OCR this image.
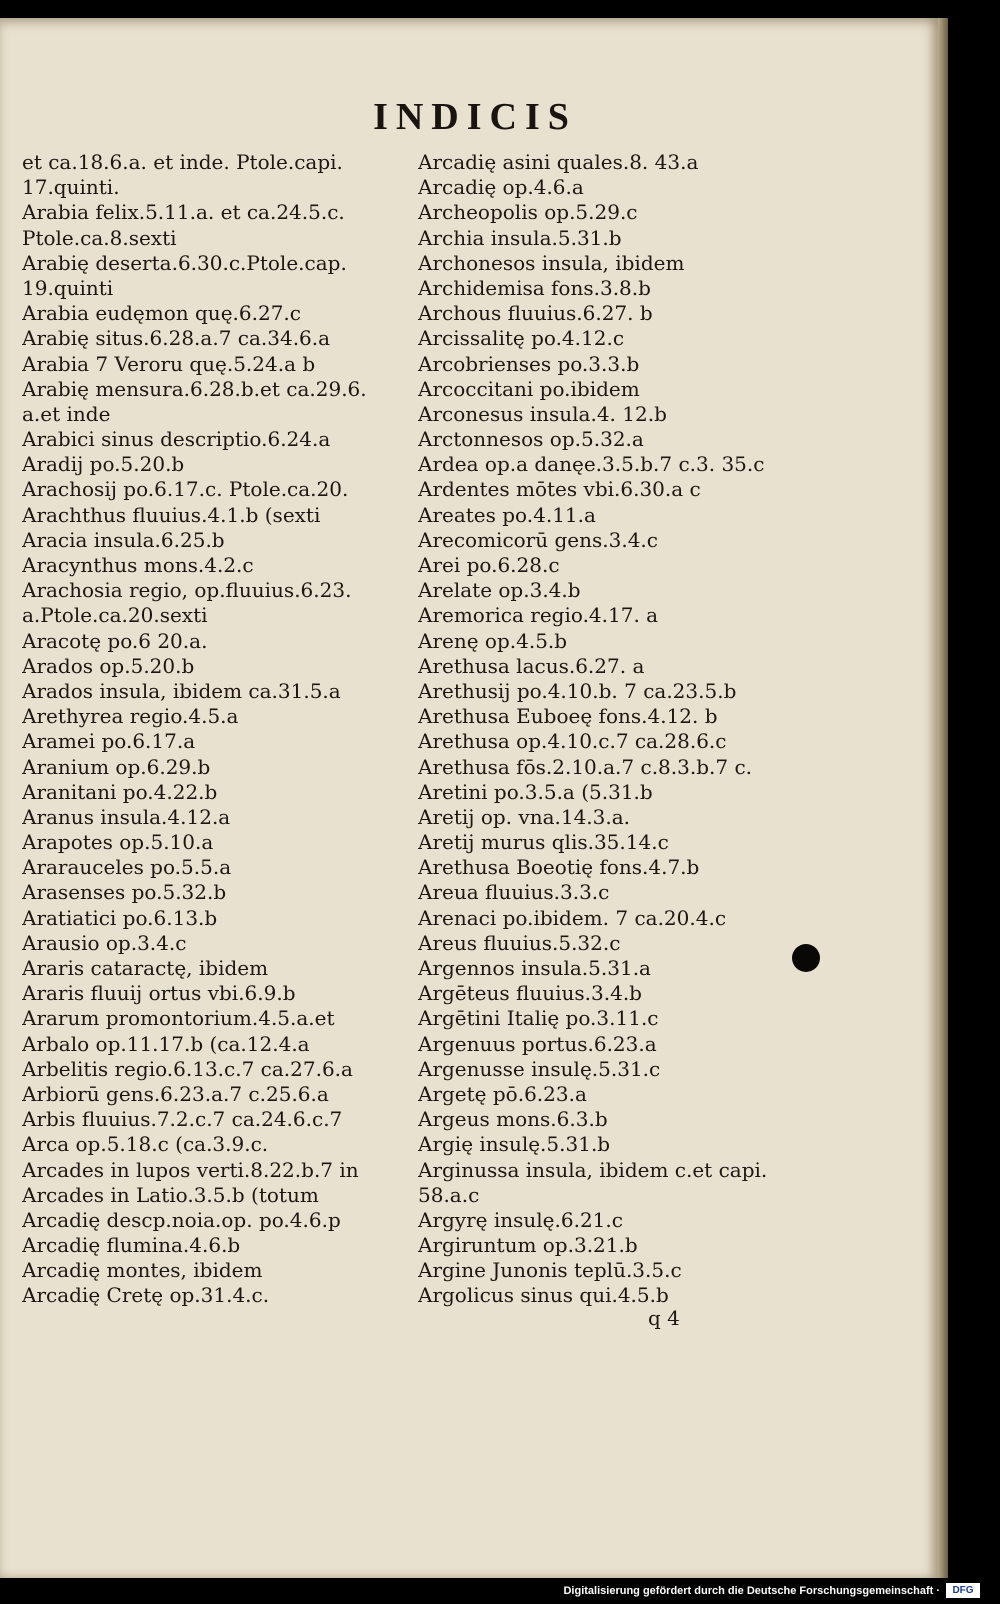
INDICIS
et ca.18.6.a. et inde. Ptole.capi.
17.quinti.
Arabia felix.5.11.a. et ca.24.5.c.
Ptole.ca.8.sexti
Arabię deserta.6.30.c.Ptole.cap.
19.quinti
Arabia eudęmon quę.6.27.c
Arabię situs.6.28.a.7 ca.34.6.a
Arabia 7 Veroru quę.5.24.a b
Arabię mensura.6.28.b.et ca.29.6.
a.et inde
Arabici sinus descriptio.6.24.a
Aradij po.5.20.b
Arachosij po.6.17.c. Ptole.ca.20.
Arachthus fluuius.4.1.b (sexti
Aracia insula.6.25.b
Aracynthus mons.4.2.c
Arachosia regio, op.fluuius.6.23.
a.Ptole.ca.20.sexti
Aracotę po.6 20.a.
Arados op.5.20.b
Arados insula, ibidem ca.31.5.a
Arethyrea regio.4.5.a
Aramei po.6.17.a
Aranium op.6.29.b
Aranitani po.4.22.b
Aranus insula.4.12.a
Arapotes op.5.10.a
Ararauceles po.5.5.a
Arasenses po.5.32.b
Aratiatici po.6.13.b
Arausio op.3.4.c
Araris cataractę, ibidem
Araris fluuij ortus vbi.6.9.b
Ararum promontorium.4.5.a.et
Arbalo op.11.17.b (ca.12.4.a
Arbelitis regio.6.13.c.7 ca.27.6.a
Arbiorū gens.6.23.a.7 c.25.6.a
Arbis fluuius.7.2.c.7 ca.24.6.c.7
Arca op.5.18.c (ca.3.9.c.
Arcades in lupos verti.8.22.b.7 in
Arcades in Latio.3.5.b (totum
Arcadię descp.noia.op. po.4.6.p
Arcadię flumina.4.6.b
Arcadię montes, ibidem
Arcadię Cretę op.31.4.c.
Arcadię asini quales.8. 43.a
Arcadię op.4.6.a
Archeopolis op.5.29.c
Archia insula.5.31.b
Archonesos insula, ibidem
Archidemisa fons.3.8.b
Archous fluuius.6.27. b
Arcissalitę po.4.12.c
Arcobrienses po.3.3.b
Arcoccitani po.ibidem
Arconesus insula.4. 12.b
Arctonnesos op.5.32.a
Ardea op.a danęe.3.5.b.7 c.3. 35.c
Ardentes mōtes vbi.6.30.a c
Areates po.4.11.a
Arecomicorū gens.3.4.c
Arei po.6.28.c
Arelate op.3.4.b
Aremorica regio.4.17. a
Arenę op.4.5.b
Arethusa lacus.6.27. a
Arethusij po.4.10.b. 7 ca.23.5.b
Arethusa Euboeę fons.4.12. b
Arethusa op.4.10.c.7 ca.28.6.c
Arethusa fōs.2.10.a.7 c.8.3.b.7 c.
Aretini po.3.5.a (5.31.b
Aretij op. vna.14.3.a.
Aretij murus qlis.35.14.c
Arethusa Boeotię fons.4.7.b
Areua fluuius.3.3.c
Arenaci po.ibidem. 7 ca.20.4.c
Areus fluuius.5.32.c
Argennos insula.5.31.a
Argēteus fluuius.3.4.b
Argētini Italię po.3.11.c
Argenuus portus.6.23.a
Argenusse insulę.5.31.c
Argetę pō.6.23.a
Argeus mons.6.3.b
Argię insulę.5.31.b
Arginussa insula, ibidem c.et capi.
58.a.c
Argyrę insulę.6.21.c
Argiruntum op.3.21.b
Argine Junonis teplū.3.5.c
Argolicus sinus qui.4.5.b
q 4
Digitalisierung gefördert durch die Deutsche Forschungsgemeinschaft ·	DFG
